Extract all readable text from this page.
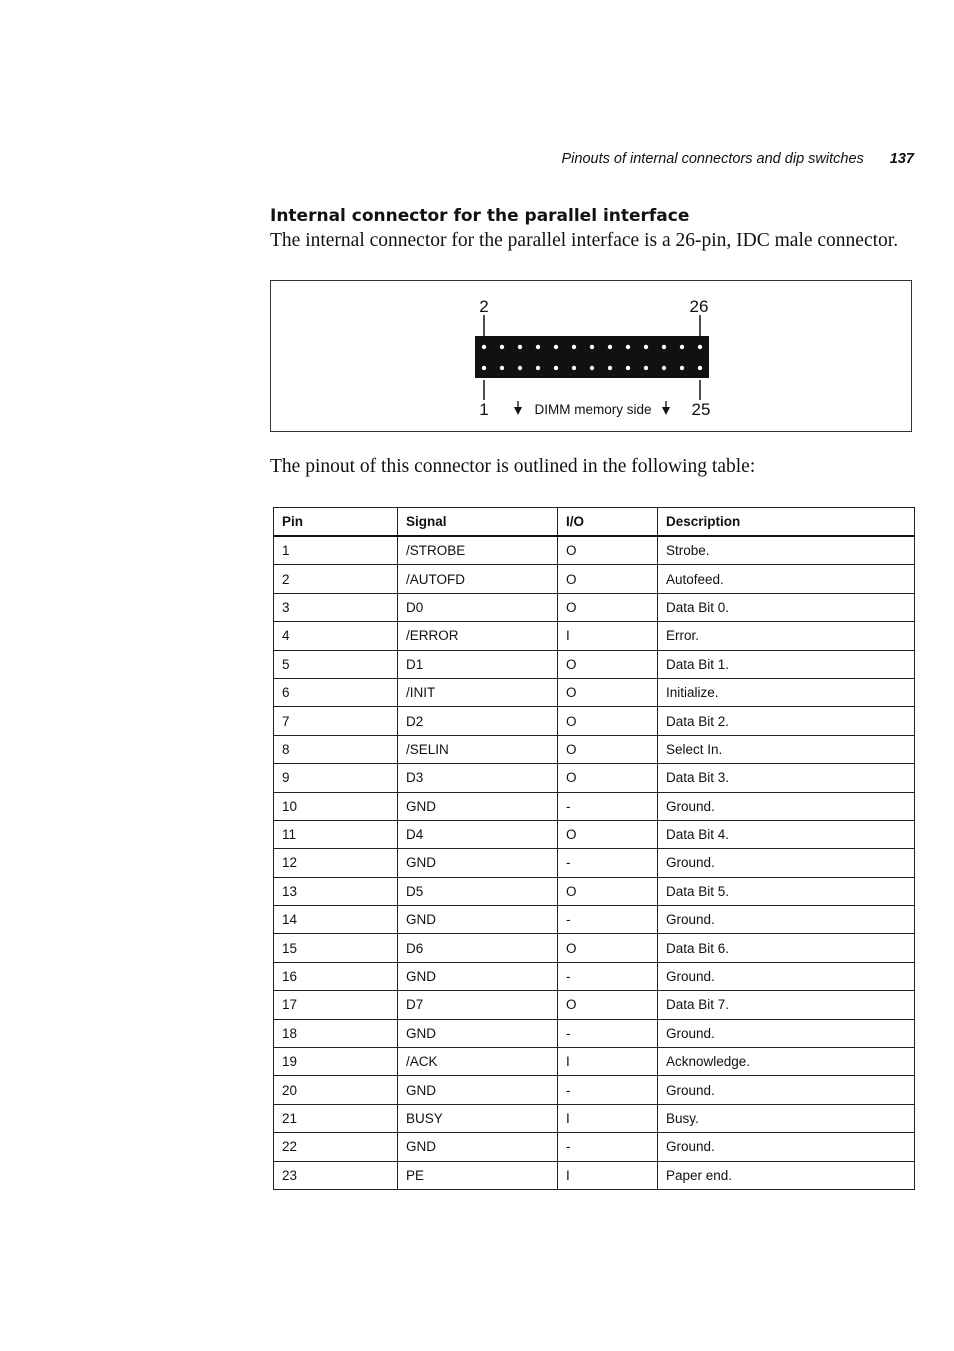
Pinouts of internal connectors and dip switches 137
Internal connector for the parallel interface
The internal connector for the parallel interface is a 26-pin, IDC male connector.
2	26
1	25
DIMM memory side
The pinout of this connector is outlined in the following table:
Pin	Signal	I/O	Description
1	/STROBE	O	Strobe.
2	/AUTOFD	O	Autofeed.
3	D0	O	Data Bit 0.
4	/ERROR	I	Error.
5	D1	O	Data Bit 1.
6	/INIT	O	Initialize.
7	D2	O	Data Bit 2.
8	/SELIN	O	Select In.
9	D3	O	Data Bit 3.
10	GND	-	Ground.
11	D4	O	Data Bit 4.
12	GND	-	Ground.
13	D5	O	Data Bit 5.
14	GND	-	Ground.
15	D6	O	Data Bit 6.
16	GND	-	Ground.
17	D7	O	Data Bit 7.
18	GND	-	Ground.
19	/ACK	I	Acknowledge.
20	GND	-	Ground.
21	BUSY	I	Busy.
22	GND	-	Ground.
23	PE	I	Paper end.
